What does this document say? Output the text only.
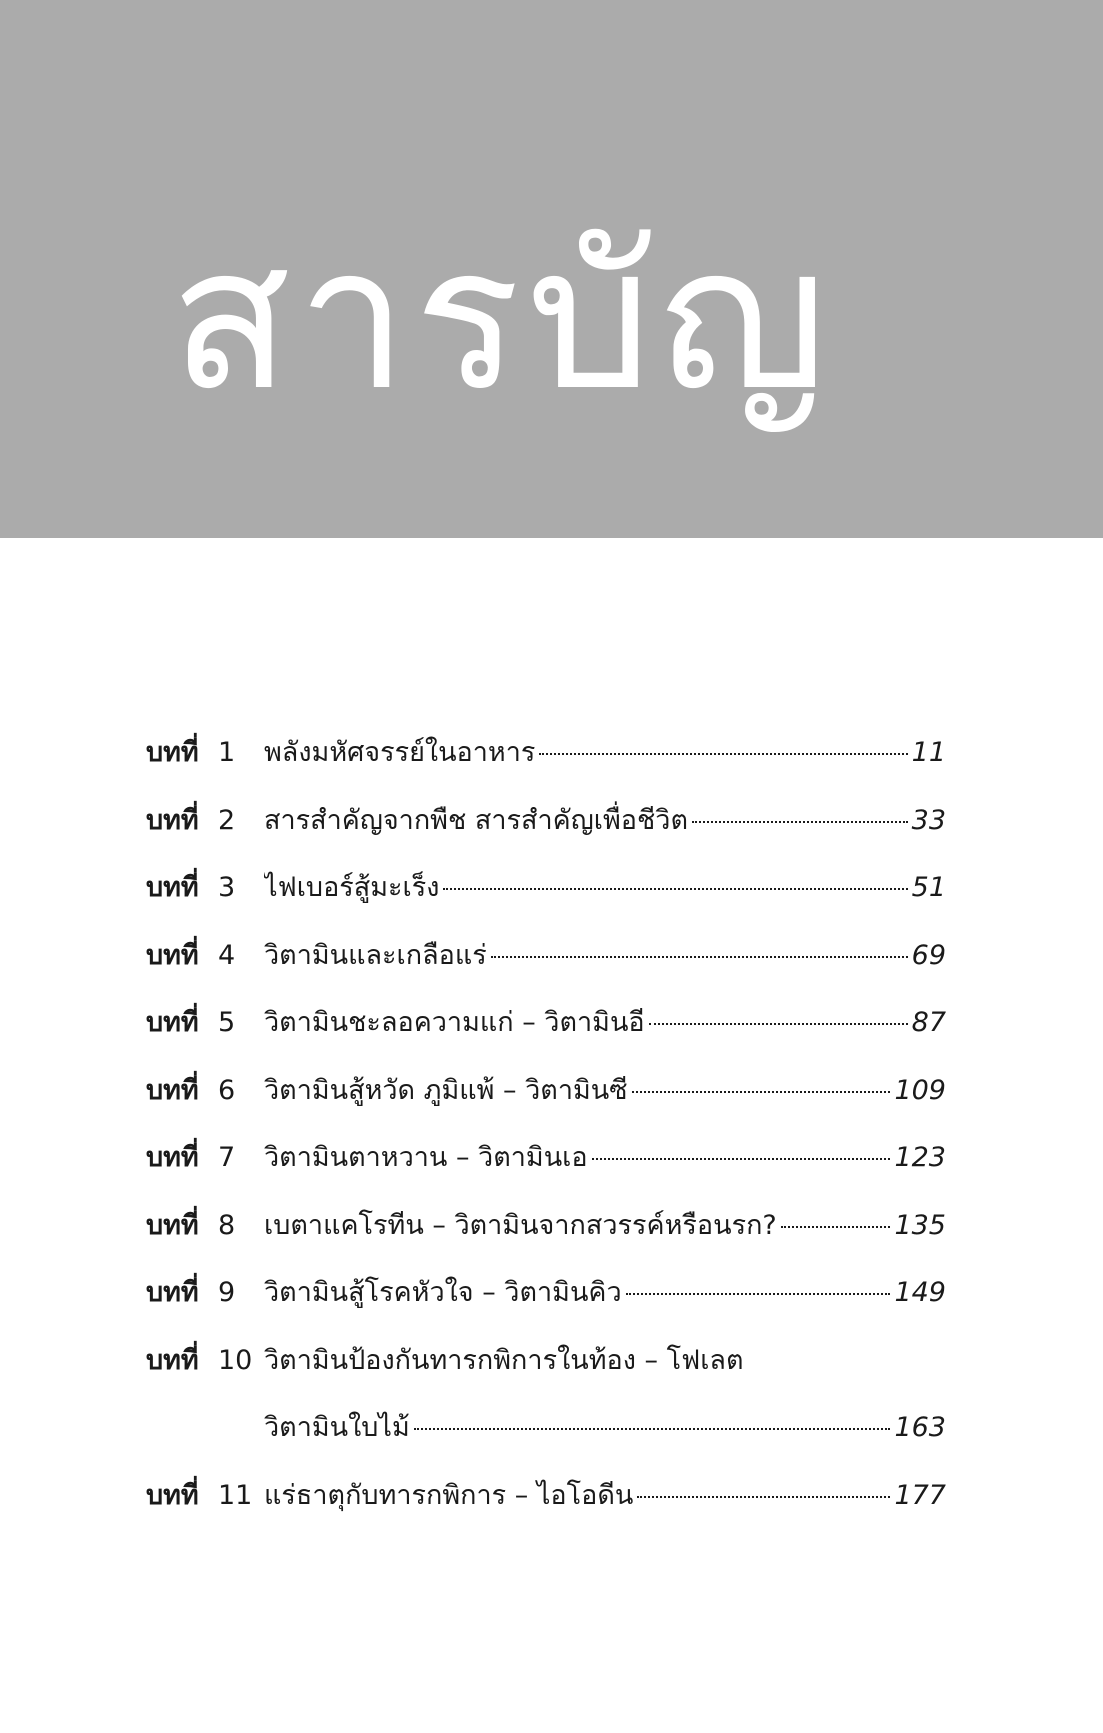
สารบัญ
บทที่ 1	พลังมหัศจรรย์ในอาหาร	11
บทที่ 2	สารสำคัญจากพืช สารสำคัญเพื่อชีวิต	33
บทที่ 3	ไฟเบอร์สู้มะเร็ง	51
บทที่ 4	วิตามินและเกลือแร่	69
บทที่ 5	วิตามินชะลอความแก่ – วิตามินอี	87
บทที่ 6	วิตามินสู้หวัด ภูมิแพ้ – วิตามินซี	109
บทที่ 7	วิตามินตาหวาน – วิตามินเอ	123
บทที่ 8	เบตาแคโรทีน – วิตามินจากสวรรค์หรือนรก?	135
บทที่ 9	วิตามินสู้โรคหัวใจ – วิตามินคิว	149
บทที่ 10 วิตามินป้องกันทารกพิการในท้อง – โฟเลต
วิตามินใบไม้	163
บทที่ 11 แร่ธาตุกับทารกพิการ – ไอโอดีน	177
